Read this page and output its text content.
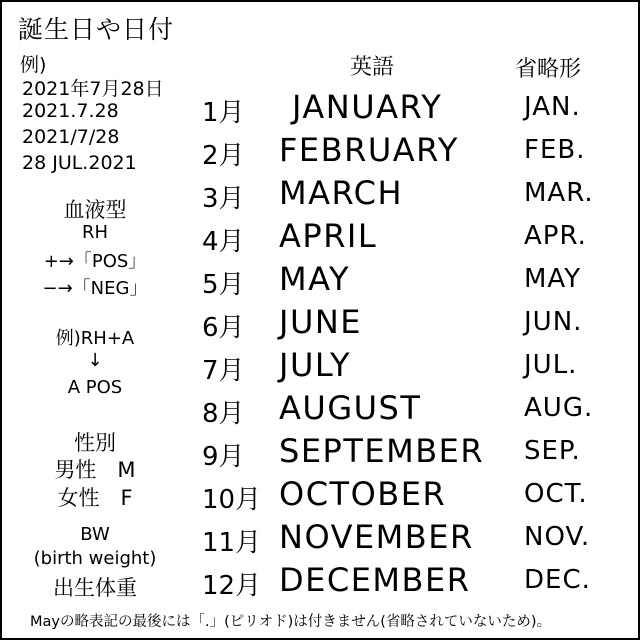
誕生日や日付
例)
2021年7月28日
2021.7.28
2021/7/28
28 JUL.2021
血液型
RH
+→「POS」
−→「NEG」
例)RH+A
↓
A POS
性別
男性　M
女性　F
BW
(birth weight)
出生体重
英語	省略形
1月	JANUARY	JAN.
2月	FEBRUARY	FEB.
3月	MARCH	MAR.
4月	APRIL	APR.
5月	MAY	MAY
6月	JUNE	JUN.
7月	JULY	JUL.
8月	AUGUST	AUG.
9月	SEPTEMBER SEP.
10月 OCTOBER	OCT.
11月 NOVEMBER NOV.
12月 DECEMBER DEC.
Mayの略表記の最後には「.」(ピリオド)は付きません(省略されていないため)。
